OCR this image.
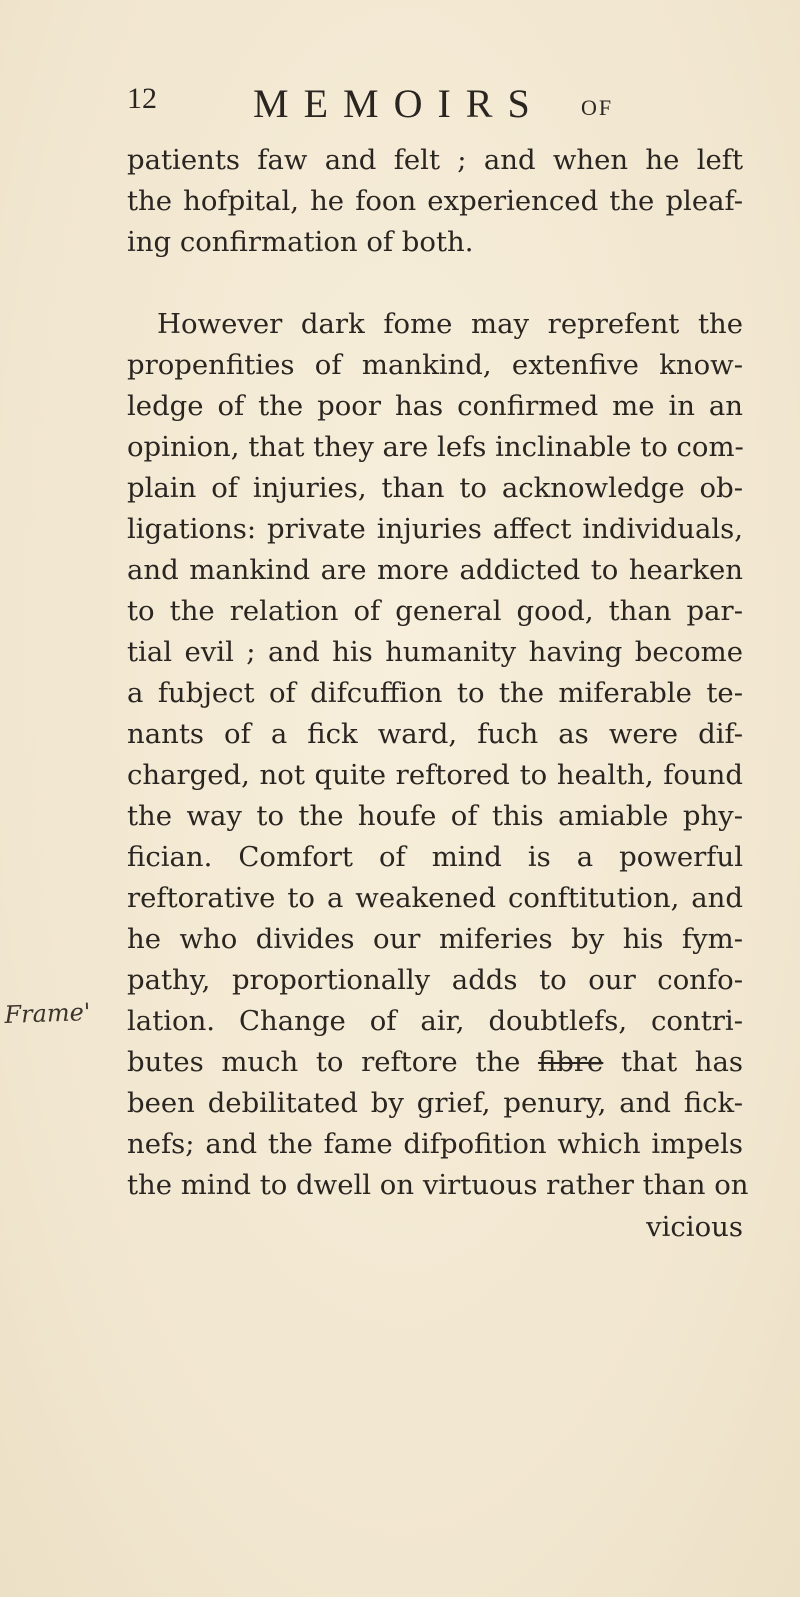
12 MEMOIRS OF
patients faw and felt ; and when he left
the hofpital, he foon experienced the pleaf-
ing confirmation of both.
However dark fome may reprefent the
propenfities of mankind, extenfive know-
ledge of the poor has confirmed me in an
opinion, that they are lefs inclinable to com-
plain of injuries, than to acknowledge ob-
ligations: private injuries affect individuals,
and mankind are more addicted to hearken
to the relation of general good, than par-
tial evil ; and his humanity having become
a fubject of difcuffion to the miferable te-
nants of a fick ward, fuch as were dif-
charged, not quite reftored to health, found
the way to the houfe of this amiable phy-
fician. Comfort of mind is a powerful
reftorative to a weakened conftitution, and
he who divides our miferies by his fym-
pathy, proportionally adds to our confo-
lation. Change of air, doubtlefs, contri-
butes much to reftore the fibre that has
been debilitated by grief, penury, and fick-
nefs; and the fame difpofition which impels
the mind to dwell on virtuous rather than on
vicious
Frame'
